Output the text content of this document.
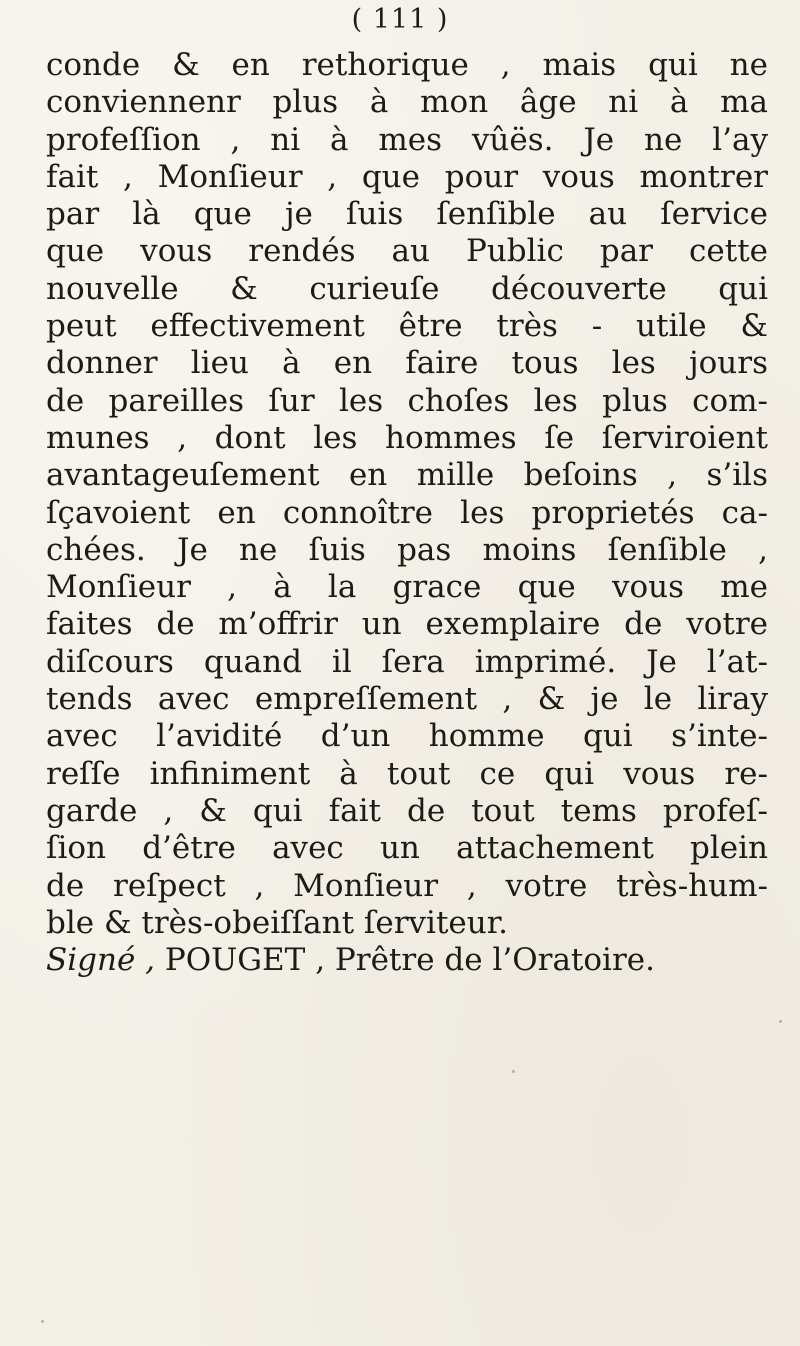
( 111 )
conde & en rethorique , mais qui ne
conviennenr plus à mon âge ni à ma
profeſſion , ni à mes vûës. Je ne l’ay
fait , Monſieur , que pour vous montrer
par là que je ſuis ſenſible au ſervice
que vous rendés au Public par cette
nouvelle & curieuſe découverte qui
peut effectivement être très - utile &
donner lieu à en faire tous les jours
de pareilles ſur les choſes les plus com-
munes , dont les hommes ſe ſerviroient
avantageuſement en mille beſoins , s’ils
ſçavoient en connoître les proprietés ca-
chées. Je ne ſuis pas moins ſenſible ,
Monſieur , à la grace que vous me
faites de m’offrir un exemplaire de votre
diſcours quand il ſera imprimé. Je l’at-
tends avec empreſſement , & je le liray
avec l’avidité d’un homme qui s’inte-
reſſe infiniment à tout ce qui vous re-
garde , & qui fait de tout tems profeſ-
ſion d’être avec un attachement plein
de reſpect , Monſieur , votre très-hum-
ble & très-obeiſſant ſerviteur.
Signé , POUGET , Prêtre de l’Oratoire.
